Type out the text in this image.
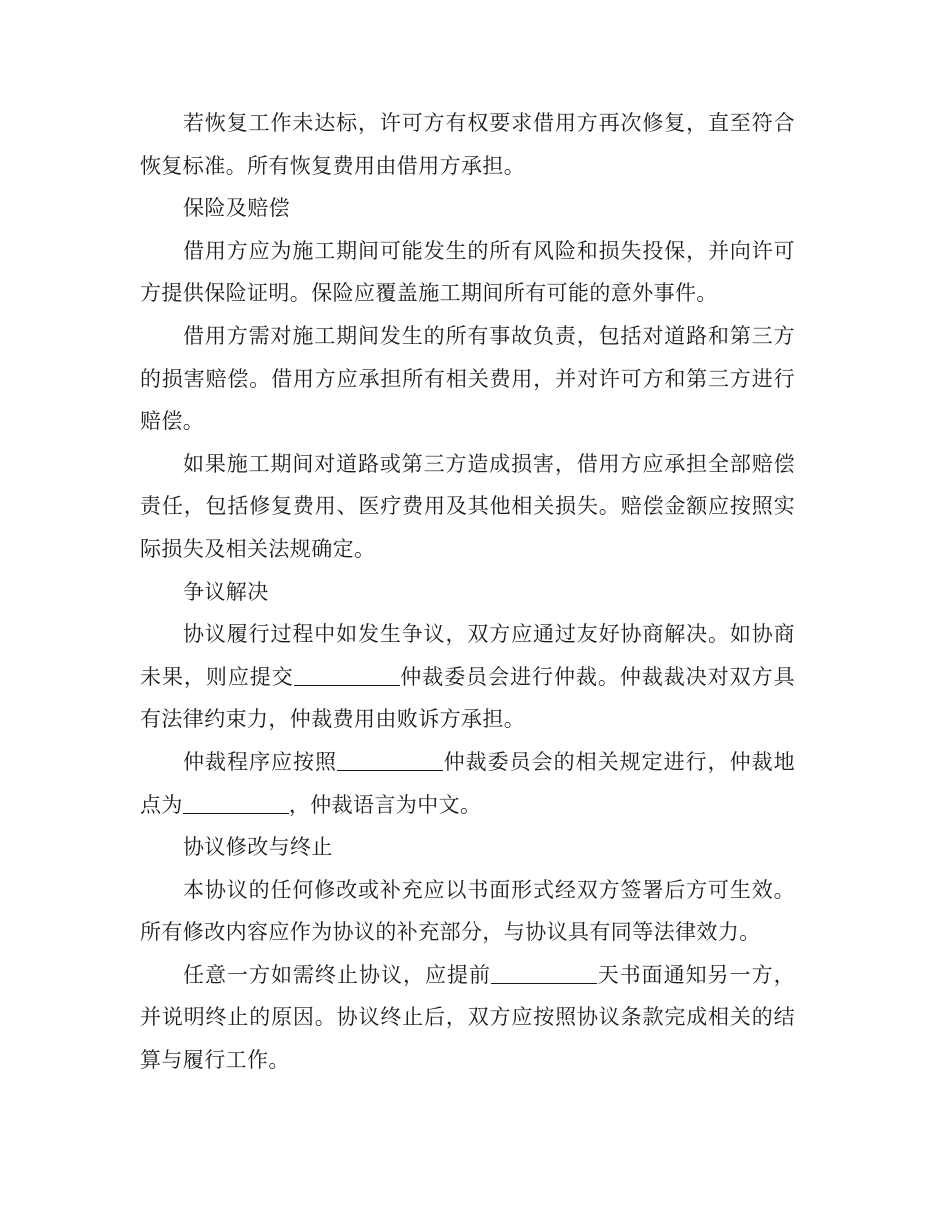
若恢复工作未达标，许可方有权要求借用方再次修复，直至符合恢复标准。所有恢复费用由借用方承担。

保险及赔偿

借用方应为施工期间可能发生的所有风险和损失投保，并向许可方提供保险证明。保险应覆盖施工期间所有可能的意外事件。

借用方需对施工期间发生的所有事故负责，包括对道路和第三方的损害赔偿。借用方应承担所有相关费用，并对许可方和第三方进行赔偿。

如果施工期间对道路或第三方造成损害，借用方应承担全部赔偿责任，包括修复费用、医疗费用及其他相关损失。赔偿金额应按照实际损失及相关法规确定。

争议解决

协议履行过程中如发生争议，双方应通过友好协商解决。如协商未果，则应提交	仲裁委员会进行仲裁。仲裁裁决对双方具有法律约束力，仲裁费用由败诉方承担。

仲裁程序应按照	仲裁委员会的相关规定进行，仲裁地点为	，仲裁语言为中文。

协议修改与终止

本协议的任何修改或补充应以书面形式经双方签署后方可生效。所有修改内容应作为协议的补充部分，与协议具有同等法律效力。

任意一方如需终止协议，应提前	天书面通知另一方，并说明终止的原因。协议终止后，双方应按照协议条款完成相关的结算与履行工作。
